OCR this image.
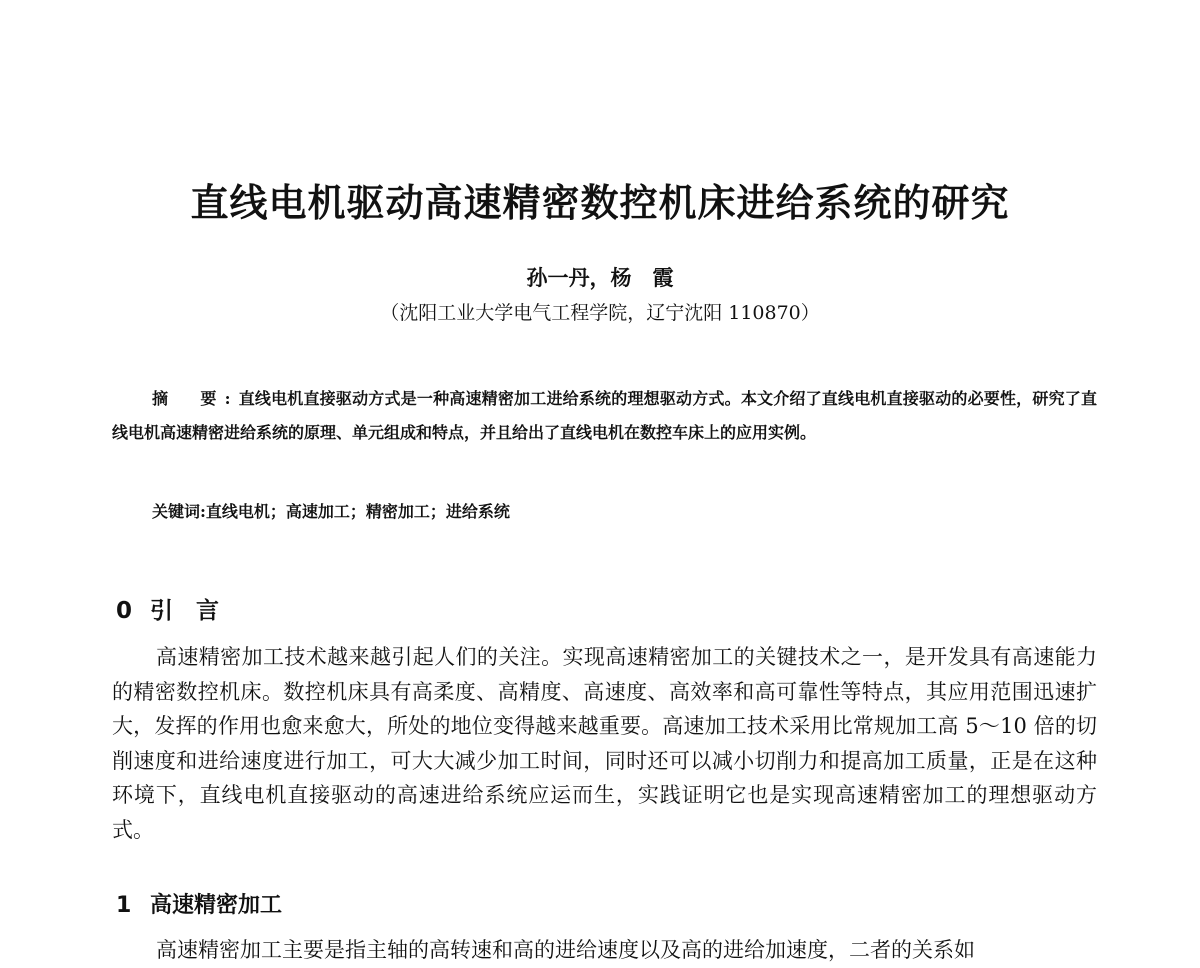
直线电机驱动高速精密数控机床进给系统的研究
孙一丹，杨　霞
（沈阳工业大学电气工程学院，辽宁沈阳 110870）

摘　要:直线电机直接驱动方式是一种高速精密加工进给系统的理想驱动方式。本文介绍了直线电机直接驱动的必要性，研究了直线电机高速精密进给系统的原理、单元组成和特点，并且给出了直线电机在数控车床上的应用实例。

关键词:直线电机；高速加工；精密加工；进给系统
0 引　言

高速精密加工技术越来越引起人们的关注。实现高速精密加工的关键技术之一，是开发具有高速能力的精密数控机床。数控机床具有高柔度、高精度、高速度、高效率和高可靠性等特点，其应用范围迅速扩大，发挥的作用也愈来愈大，所处的地位变得越来越重要。高速加工技术采用比常规加工高 5～10 倍的切削速度和进给速度进行加工，可大大减少加工时间，同时还可以减小切削力和提高加工质量，正是在这种环境下，直线电机直接驱动的高速进给系统应运而生，实践证明它也是实现高速精密加工的理想驱动方式。

1 高速精密加工

高速精密加工主要是指主轴的高转速和高的进给速度以及高的进给加速度，二者的关系如
